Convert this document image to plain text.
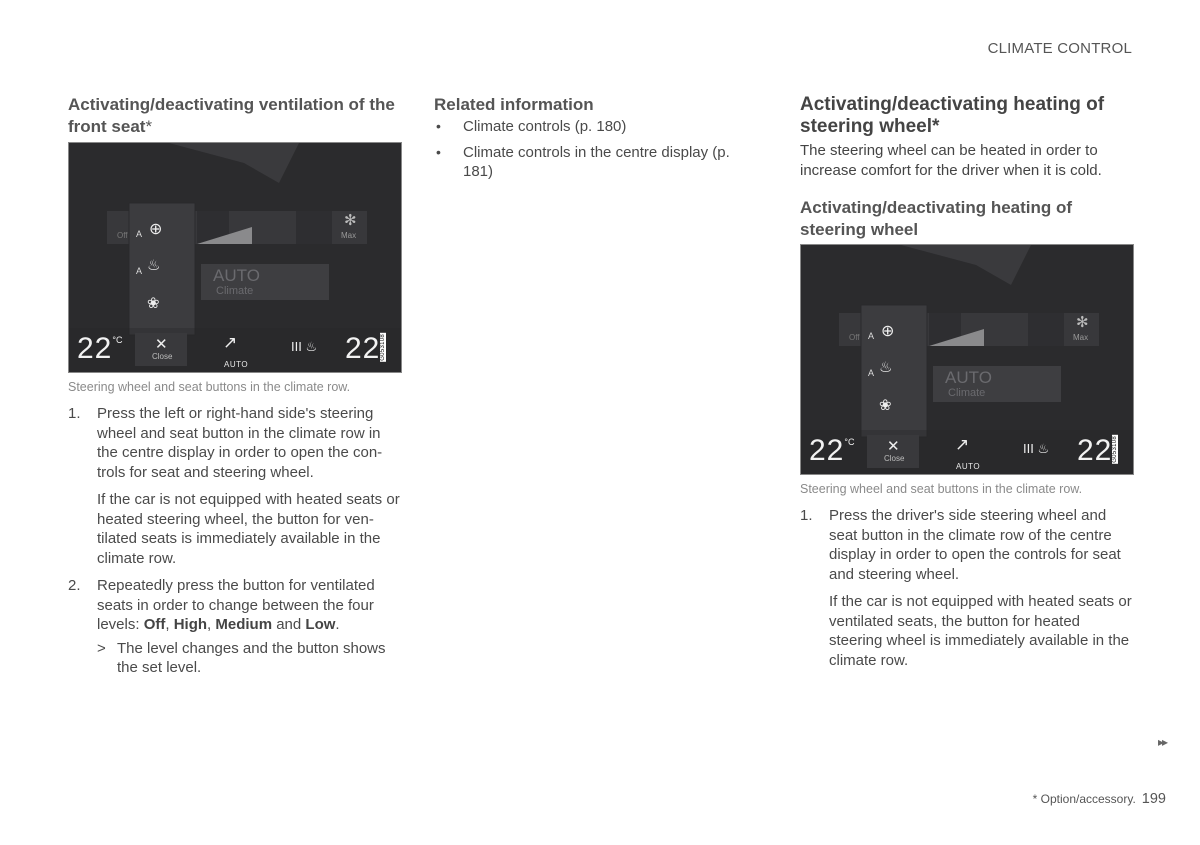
CLIMATE CONTROL
Activating/deactivating ventilation of the front seat*
Off	Max
A
A
⊕
♨
❀
✻
AUTO
Climate
$22^{^\circ C}$	22
✕
Close
↗
AUTO
III ♨	G053108
Steering wheel and seat buttons in the climate row.
1. Press the left or right-hand side's steering wheel and seat button in the climate row in the centre display in order to open the con-trols for seat and steering wheel.

If the car is not equipped with heated seats or heated steering wheel, the button for ven-tilated seats is immediately available in the climate row.

2. Repeatedly press the button for ventilated seats in order to change between the four levels: Off, High, Medium and Low.
> The level changes and the button shows the set level.
Related information
• Climate controls (p. 180)
• Climate controls in the centre display (p. 181)
Activating/deactivating heating of steering wheel*

The steering wheel can be heated in order to increase comfort for the driver when it is cold.

Activating/deactivating heating of steering wheel
Off	Max
A
A
⊕
♨
❀
✻
AUTO
Climate
$22^{^\circ C}$	22
✕
Close
↗
AUTO
III ♨	G053108
Steering wheel and seat buttons in the climate row.
1. Press the driver's side steering wheel and seat button in the climate row of the centre display in order to open the controls for seat and steering wheel.

If the car is not equipped with heated seats or ventilated seats, the button for heated steering wheel is immediately available in the climate row.

▸▸
* Option/accessory. 199
